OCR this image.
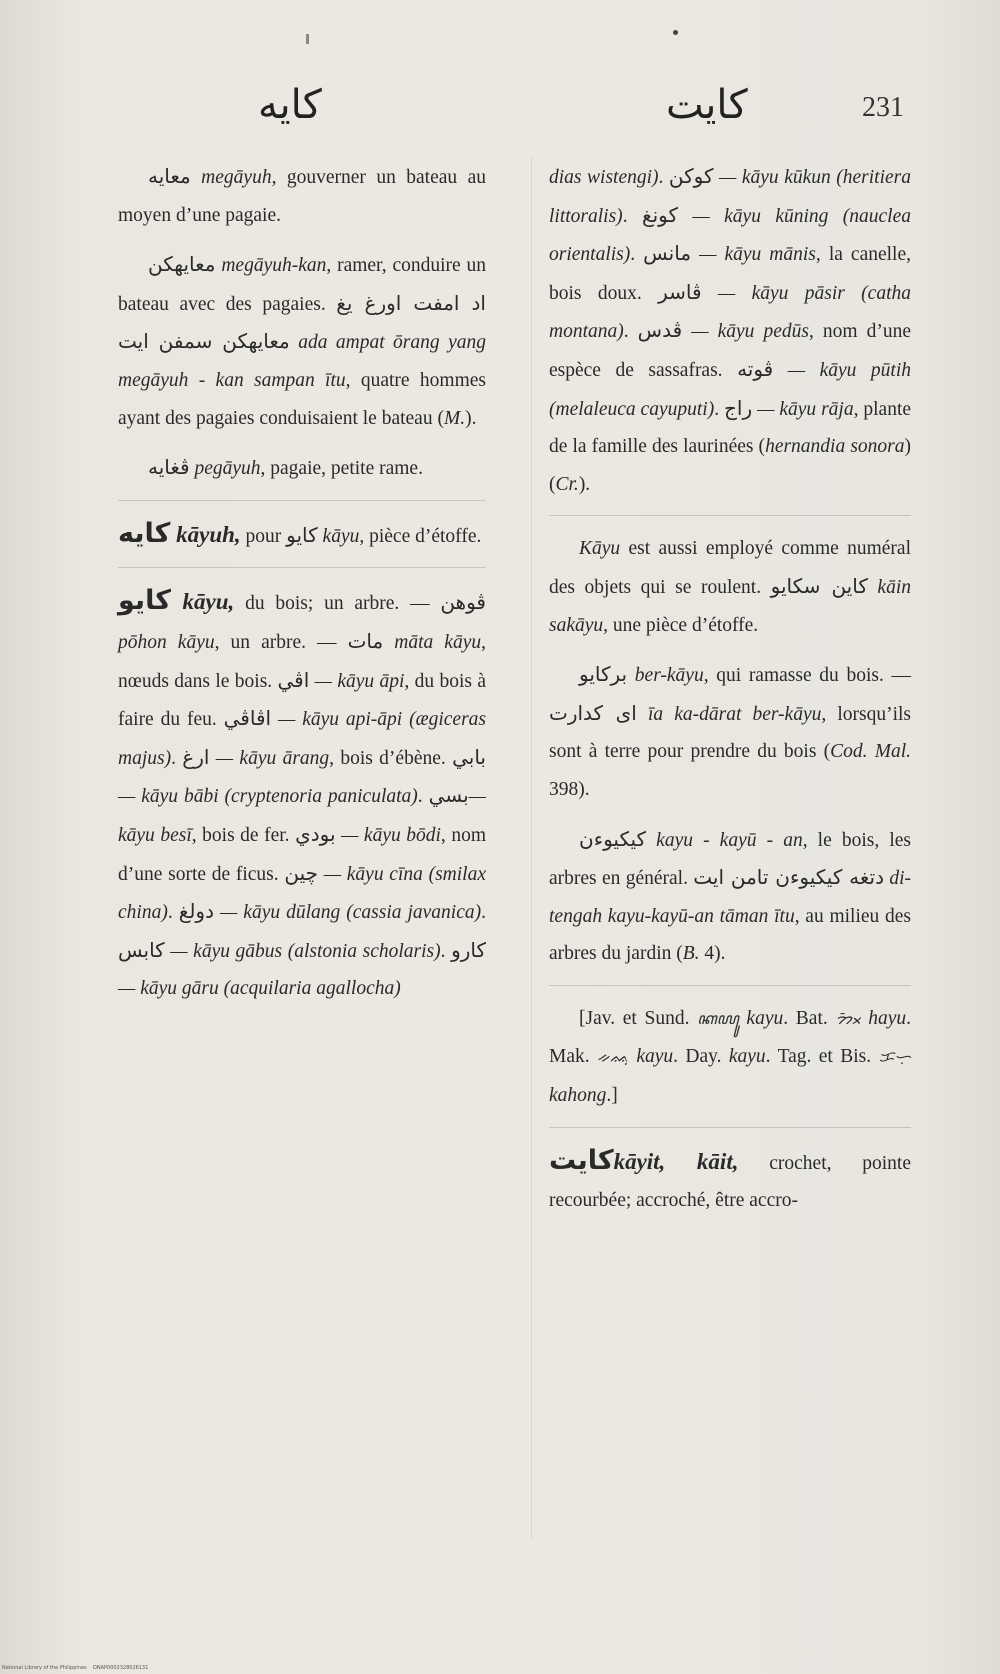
كايه	كايت	231

معايه megāyuh, gouverner un bateau au moyen d’une pagaie.

معايهكن megāyuh-kan, ramer, conduire un bateau avec des pagaies. اد امفت اورغ يغ معايهكن سمفن ايت ada ampat ōrang yang megāyuh - kan sampan ītu, quatre hommes ayant des pagaies conduisaient le bateau (M.).

ڤغايه pegāyuh, pagaie, petite rame.

كايه kāyuh, pour كايو kāyu, pièce d’étoffe.

كايو kāyu, du bois; un arbre. — ڤوهن pōhon kāyu, un arbre. — مات māta kāyu, nœuds dans le bois. اڤي — kāyu āpi, du bois à faire du feu. اڤاڤي — kāyu api-āpi (ægiceras majus). ارغ — kāyu ārang, bois d’ébène. بابي — kāyu bābi (cryptenoria paniculata). بسي— kāyu besī, bois de fer. بودي — kāyu bōdi, nom d’une sorte de ficus. چين — kāyu cīna (smilax china). دولغ — kāyu dūlang (cassia javanica). كابس — kāyu gābus (alstonia scholaris). كارو — kāyu gāru (acquilaria agallocha)

dias wistengi). كوكن — kāyu kūkun (heritiera littoralis). كونغ — kāyu kūning (nauclea orientalis). مانس — kāyu mānis, la canelle, bois doux. ڤاسر — kāyu pāsir (catha montana). ڤدس — kāyu pedūs, nom d’une espèce de sassafras. ڤوته — kāyu pūtih (melaleuca cayuputi). راج — kāyu rāja, plante de la famille des laurinées (hernandia sonora) (Cr.).

Kāyu est aussi employé comme numéral des objets qui se roulent. كاين سكايو kāin sakāyu, une pièce d’étoffe.

بركايو ber-kāyu, qui ramasse du bois. — اى كدارت īa ka-dārat ber-kāyu, lorsqu’ils sont à terre pour prendre du bois (Cod. Mal. 398).

كيكيوءن kayu - kayū - an, le bois, les arbres en général. دتغه كيكيوءن تامن ايت di-tengah kayu-kayū-an tāman ītu, au milieu des arbres du jardin (B. 4).

[Jav. et Sund. ꦏꦪꦸ kayu. Bat. ᯂᯩᯬ hayu. Mak. ᨀᨐᨘ kayu. Day. kayu. Tag. et Bis. ᜃᜑᜓ kahong.]

كايتkāyit, kāit, crochet, pointe recourbée; accroché, être accro-

National Library of the Philippines    DNAP0002328026131
